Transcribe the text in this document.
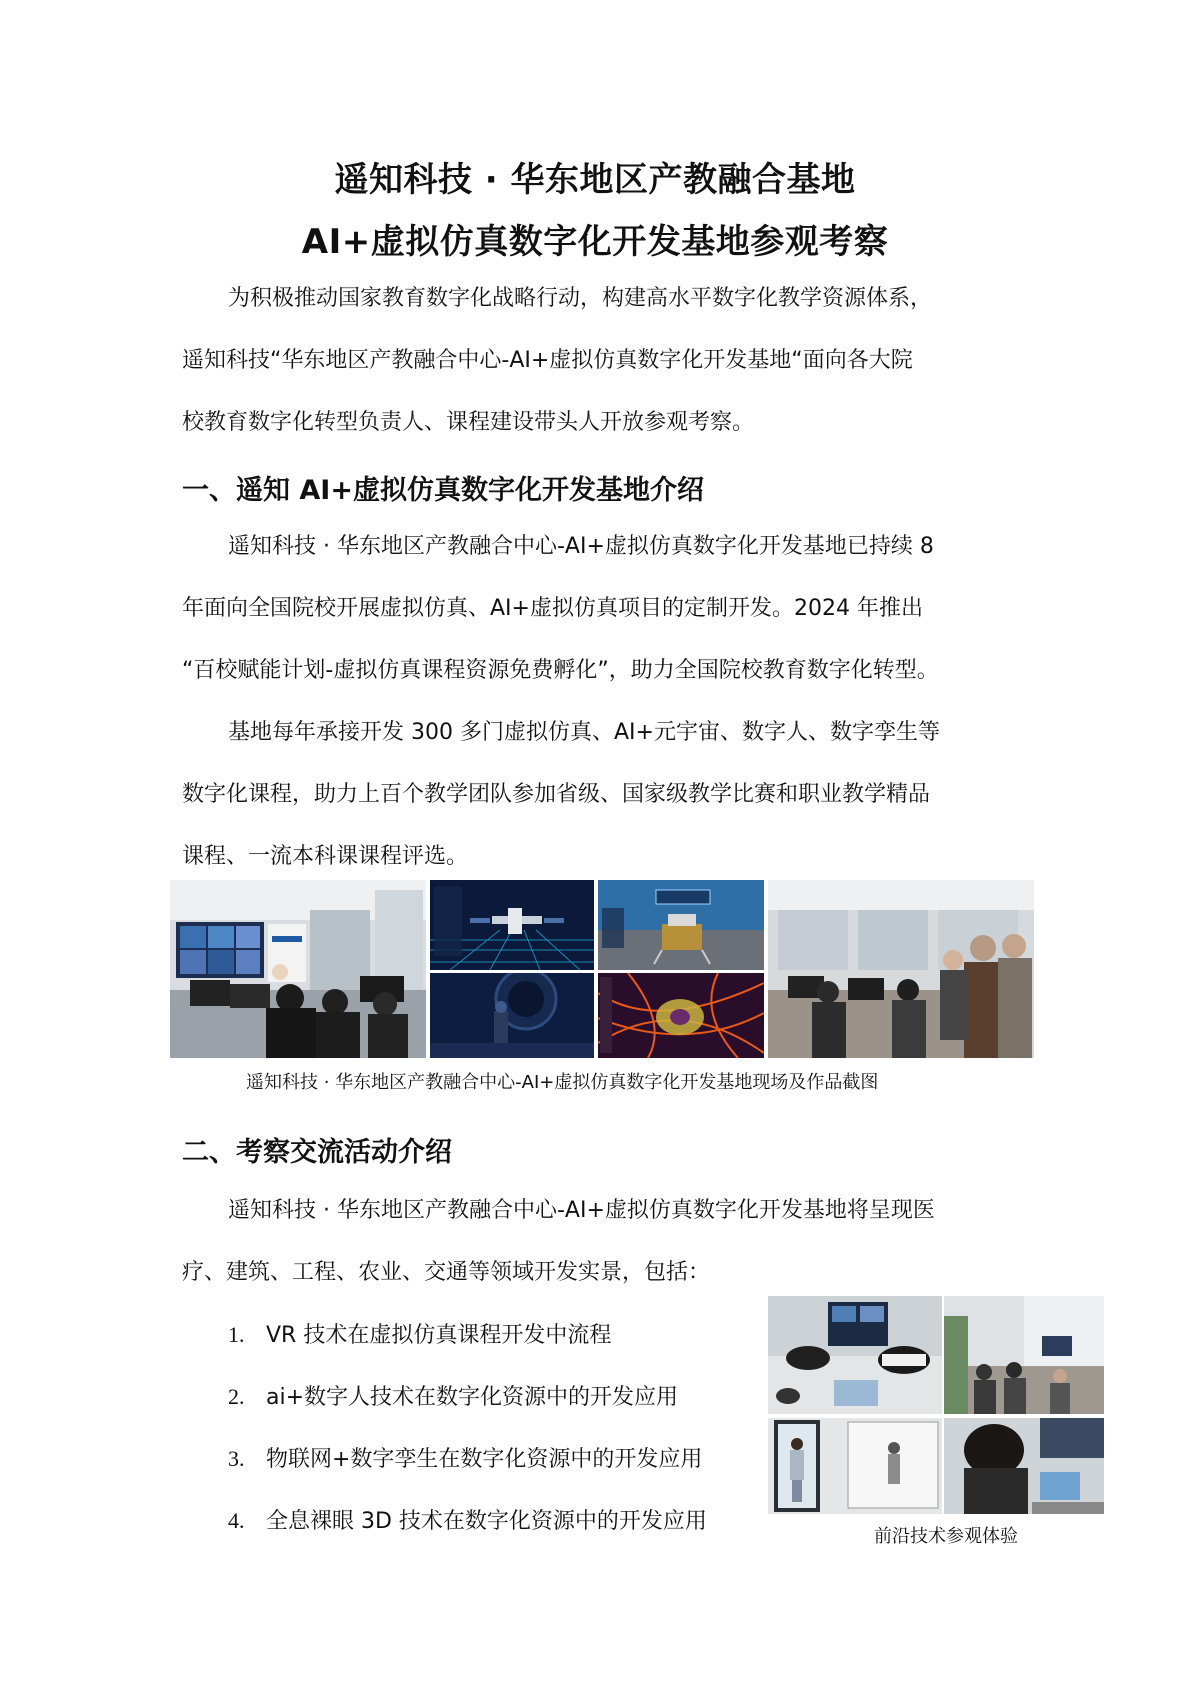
遥知科技 · 华东地区产教融合基地
AI+虚拟仿真数字化开发基地参观考察
为积极推动国家教育数字化战略行动，构建高水平数字化教学资源体系，
遥知科技“华东地区产教融合中心-AI+虚拟仿真数字化开发基地“面向各大院
校教育数字化转型负责人、课程建设带头人开放参观考察。
一、遥知 AI+虚拟仿真数字化开发基地介绍
遥知科技 · 华东地区产教融合中心-AI+虚拟仿真数字化开发基地已持续 8
年面向全国院校开展虚拟仿真、AI+虚拟仿真项目的定制开发。2024 年推出
“百校赋能计划-虚拟仿真课程资源免费孵化”，助力全国院校教育数字化转型。
基地每年承接开发 300 多门虚拟仿真、AI+元宇宙、数字人、数字孪生等
数字化课程，助力上百个教学团队参加省级、国家级教学比赛和职业教学精品
课程、一流本科课课程评选。
遥知科技 · 华东地区产教融合中心-AI+虚拟仿真数字化开发基地现场及作品截图
二、考察交流活动介绍
遥知科技 · 华东地区产教融合中心-AI+虚拟仿真数字化开发基地将呈现医
疗、建筑、工程、农业、交通等领域开发实景，包括：
1. VR 技术在虚拟仿真课程开发中流程
2. ai+数字人技术在数字化资源中的开发应用
3. 物联网+数字孪生在数字化资源中的开发应用
4. 全息裸眼 3D 技术在数字化资源中的开发应用
前沿技术参观体验
